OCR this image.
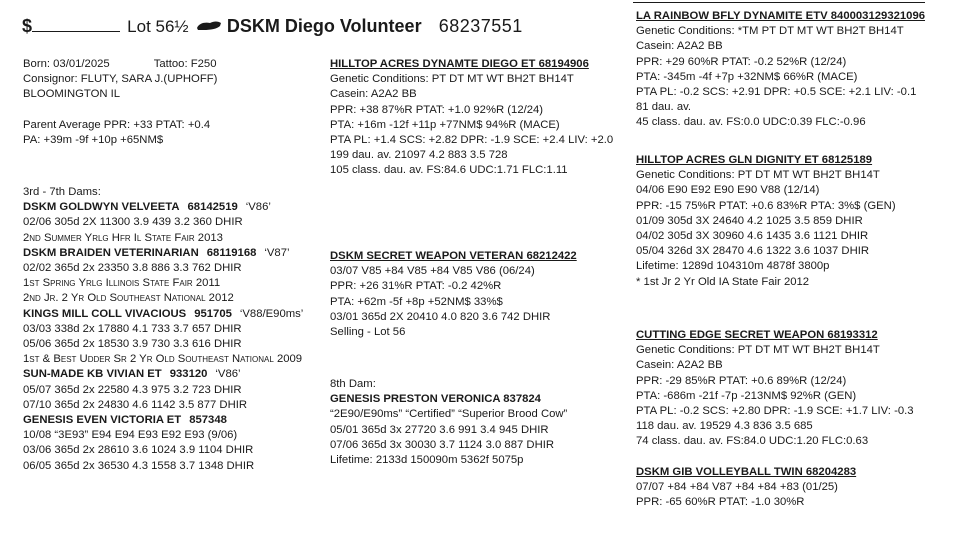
$	Lot 56½ DSKM Diego Volunteer 68237551
Born: 03/01/2025	Tattoo: F250
Consignor: FLUTY, SARA J.(UPHOFF)
BLOOMINGTON IL
Parent Average PPR: +33 PTAT: +0.4
PA: +39m -9f +10p +65NM$
3rd - 7th Dams:
DSKM GOLDWYN VELVEETA 68142519 ‘V86’
02/06 305d 2X 11300 3.9 439 3.2 360 DHIR
2nd Summer Yrlg Hfr Il State Fair 2013
DSKM BRAIDEN VETERINARIAN 68119168 ‘V87’
02/02 365d 2x 23350 3.8 886 3.3 762 DHIR
1st Spring Yrlg Illinois State Fair 2011
2nd Jr. 2 Yr Old Southeast National 2012
KINGS MILL COLL VIVACIOUS 951705 ‘V88/E90ms’
03/03 338d 2x 17880 4.1 733 3.7 657 DHIR
05/06 365d 2x 18530 3.9 730 3.3 616 DHIR
1st & Best Udder Sr 2 Yr Old Southeast National 2009
SUN-MADE KB VIVIAN ET 933120 ‘V86’
05/07 365d 2x 22580 4.3 975 3.2 723 DHIR
07/10 365d 2x 24830 4.6 1142 3.5 877 DHIR
GENESIS EVEN VICTORIA ET 857348
10/08 “3E93” E94 E94 E93 E92 E93 (9/06)
03/06 365d 2x 28610 3.6 1024 3.9 1104 DHIR
06/05 365d 2x 36530 4.3 1558 3.7 1348 DHIR
HILLTOP ACRES DYNAMTE DIEGO ET 68194906
Genetic Conditions: PT DT MT WT BH2T BH14T
Casein: A2A2 BB
PPR: +38 87%R PTAT: +1.0 92%R (12/24)
PTA: +16m -12f +11p +77NM$ 94%R (MACE)
PTA PL: +1.4 SCS: +2.82 DPR: -1.9 SCE: +2.4 LIV: +2.0
199 dau. av. 21097 4.2 883 3.5 728
105 class. dau. av. FS:84.6 UDC:1.71 FLC:1.11
DSKM SECRET WEAPON VETERAN 68212422
03/07 V85 +84 V85 +84 V85 V86 (06/24)
PPR: +26 31%R PTAT: -0.2 42%R
PTA: +62m -5f +8p +52NM$ 33%$
03/01 365d 2X 20410 4.0 820 3.6 742 DHIR
Selling - Lot 56
8th Dam:
GENESIS PRESTON VERONICA 837824
“2E90/E90ms” “Certified” “Superior Brood Cow”
05/01 365d 3x 27720 3.6 991 3.4 945 DHIR
07/06 365d 3x 30030 3.7 1124 3.0 887 DHIR
Lifetime: 2133d 150090m 5362f 5075p
LA RAINBOW BFLY DYNAMITE ETV 840003129321096
Genetic Conditions: *TM PT DT MT WT BH2T BH14T
Casein: A2A2 BB
PPR: +29 60%R PTAT: -0.2 52%R (12/24)
PTA: -345m -4f +7p +32NM$ 66%R (MACE)
PTA PL: -0.2 SCS: +2.91 DPR: +0.5 SCE: +2.1 LIV: -0.1
81 dau. av.
45 class. dau. av. FS:0.0 UDC:0.39 FLC:-0.96
HILLTOP ACRES GLN DIGNITY ET 68125189
Genetic Conditions: PT DT MT WT BH2T BH14T
04/06 E90 E92 E90 E90 V88 (12/14)
PPR: -15 75%R PTAT: +0.6 83%R PTA: 3%$ (GEN)
01/09 305d 3X 24640 4.2 1025 3.5 859 DHIR
04/02 305d 3X 30960 4.6 1435 3.6 1121 DHIR
05/04 326d 3X 28470 4.6 1322 3.6 1037 DHIR
Lifetime: 1289d 104310m 4878f 3800p
* 1st Jr 2 Yr Old IA State Fair 2012
CUTTING EDGE SECRET WEAPON 68193312
Genetic Conditions: PT DT MT WT BH2T BH14T
Casein: A2A2 BB
PPR: -29 85%R PTAT: +0.6 89%R (12/24)
PTA: -686m -21f -7p -213NM$ 92%R (GEN)
PTA PL: -0.2 SCS: +2.80 DPR: -1.9 SCE: +1.7 LIV: -0.3
118 dau. av. 19529 4.3 836 3.5 685
74 class. dau. av. FS:84.0 UDC:1.20 FLC:0.63
DSKM GIB VOLLEYBALL TWIN 68204283
07/07 +84 +84 V87 +84 +84 +83 (01/25)
PPR: -65 60%R PTAT: -1.0 30%R
